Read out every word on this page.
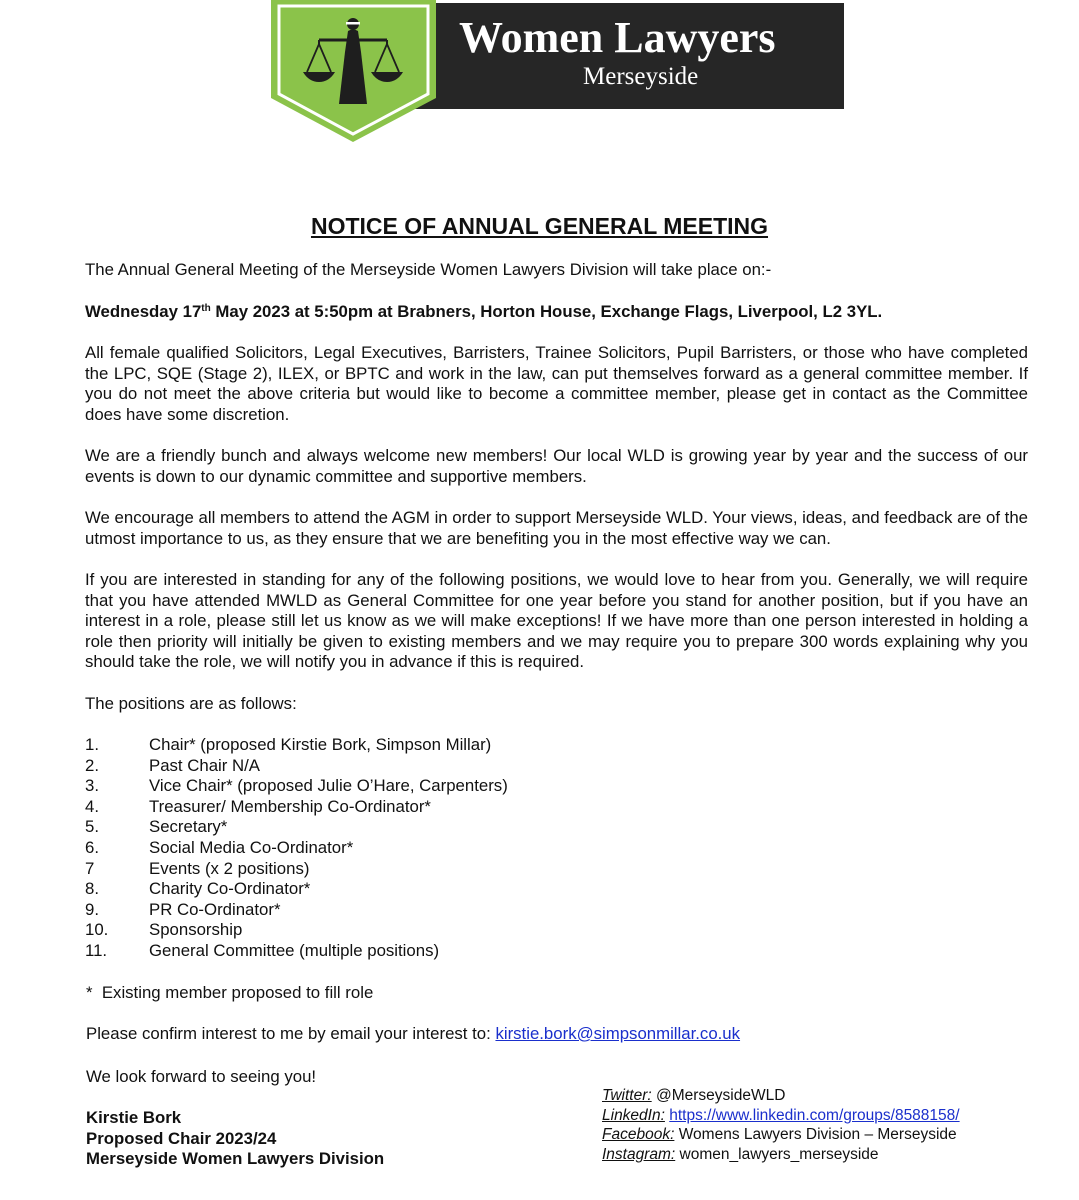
Women Lawyers
Merseyside
NOTICE OF ANNUAL GENERAL MEETING

The Annual General Meeting of the Merseyside Women Lawyers Division will take place on:-

Wednesday 17th May 2023 at 5:50pm at Brabners, Horton House, Exchange Flags, Liverpool, L2 3YL.

All female qualified Solicitors, Legal Executives, Barristers, Trainee Solicitors, Pupil Barristers, or those who have completed the LPC, SQE (Stage 2), ILEX, or BPTC and work in the law, can put themselves forward as a general committee member. If you do not meet the above criteria but would like to become a committee member, please get in contact as the Committee does have some discretion.

We are a friendly bunch and always welcome new members! Our local WLD is growing year by year and the success of our events is down to our dynamic committee and supportive members.

We encourage all members to attend the AGM in order to support Merseyside WLD. Your views, ideas, and feedback are of the utmost importance to us, as they ensure that we are benefiting you in the most effective way we can.

If you are interested in standing for any of the following positions, we would love to hear from you. Generally, we will require that you have attended MWLD as General Committee for one year before you stand for another position, but if you have an interest in a role, please still let us know as we will make exceptions! If we have more than one person interested in holding a role then priority will initially be given to existing members and we may require you to prepare 300 words explaining why you should take the role, we will notify you in advance if this is required.

The positions are as follows:

1.	Chair* (proposed Kirstie Bork, Simpson Millar)
2.	Past Chair N/A
3.	Vice Chair* (proposed Julie O’Hare, Carpenters)
4.	Treasurer/ Membership Co-Ordinator*
5.	Secretary*
6.	Social Media Co-Ordinator*
7	Events (x 2 positions)
8.	Charity Co-Ordinator*
9.	PR Co-Ordinator*
10. Sponsorship
11. General Committee (multiple positions)

*  Existing member proposed to fill role

Please confirm interest to me by email your interest to: kirstie.bork@simpsonmillar.co.uk

We look forward to seeing you!

Kirstie Bork
Proposed Chair 2023/24
Merseyside Women Lawyers Division
Twitter: @MerseysideWLD
LinkedIn: https://www.linkedin.com/groups/8588158/
Facebook: Womens Lawyers Division – Merseyside
Instagram: women_lawyers_merseyside
